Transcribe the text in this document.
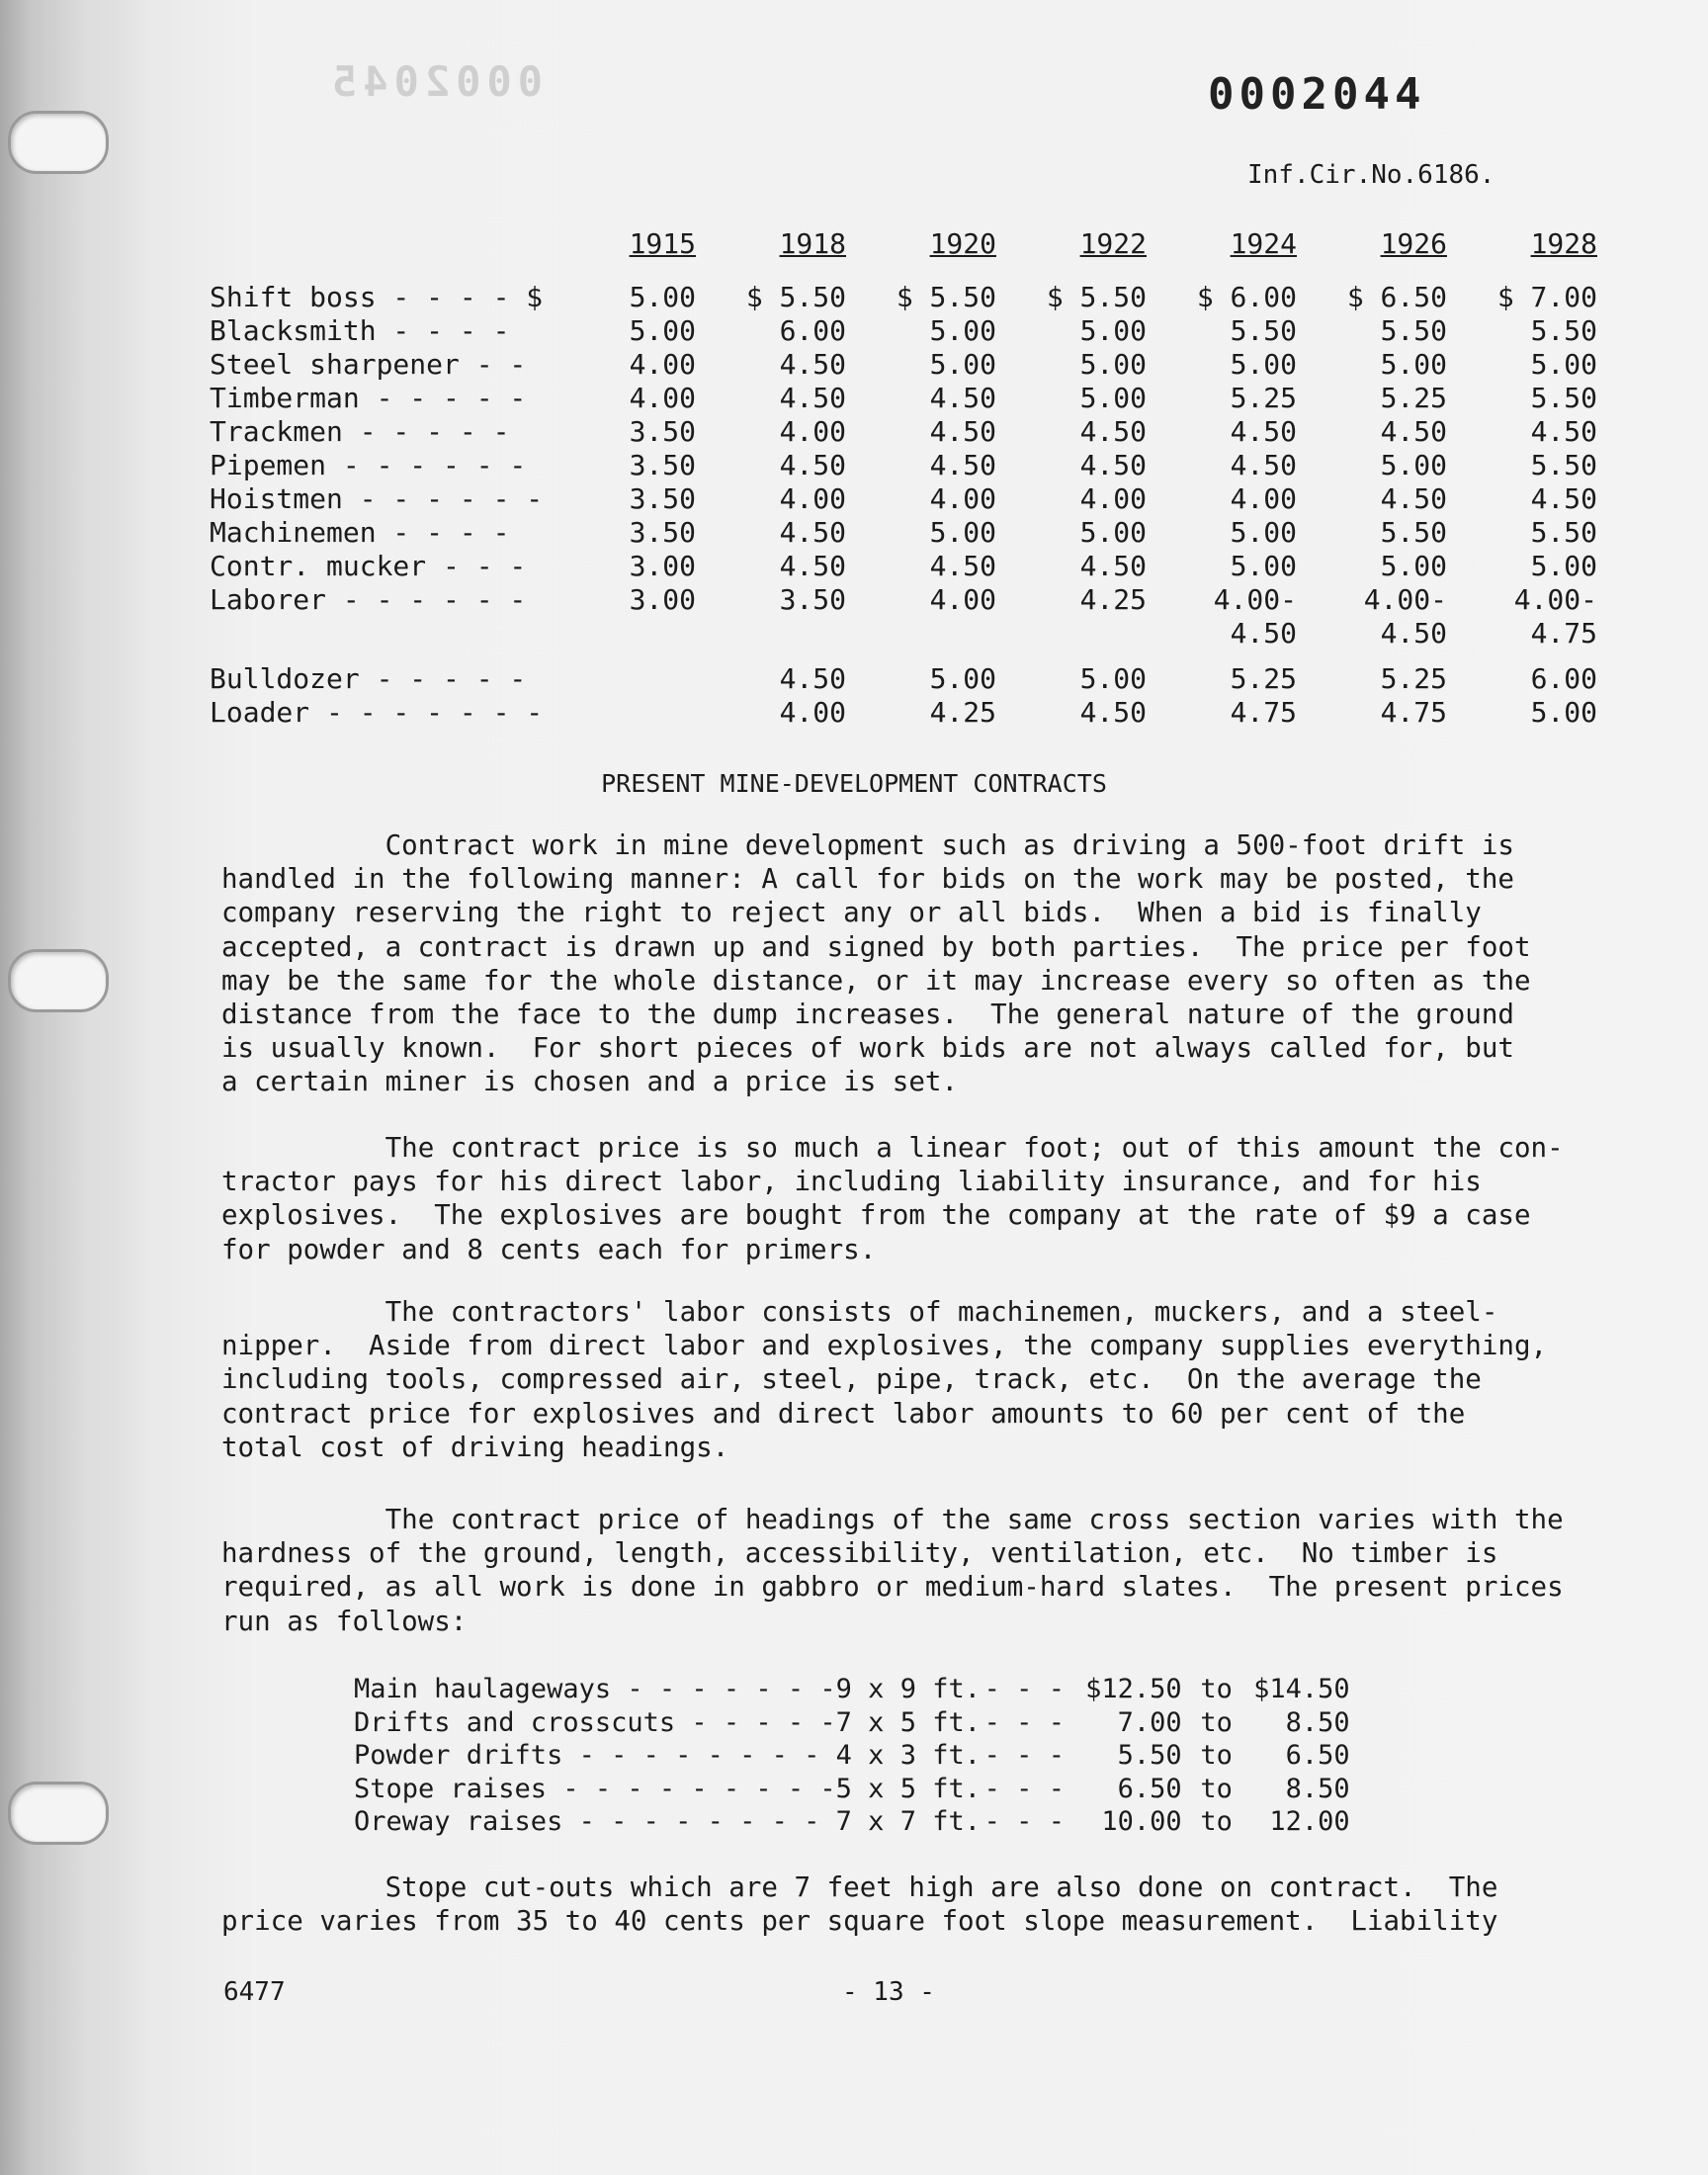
0002045	0002044
Inf.Cir.No.6186.
	1915	1918	1920	1922	1924	1926	1928
Shift boss - - - - $	5.00	$ 5.50	$ 5.50	$ 5.50	$ 6.00	$ 6.50	$ 7.00
Blacksmith - - - -	5.00	6.00	5.00	5.00	5.50	5.50	5.50
Steel sharpener - -	4.00	4.50	5.00	5.00	5.00	5.00	5.00
Timberman - - - - -	4.00	4.50	4.50	5.00	5.25	5.25	5.50
Trackmen - - - - -	3.50	4.00	4.50	4.50	4.50	4.50	4.50
Pipemen - - - - - -	3.50	4.50	4.50	4.50	4.50	5.00	5.50
Hoistmen - - - - - -	3.50	4.00	4.00	4.00	4.00	4.50	4.50
Machinemen - - - -	3.50	4.50	5.00	5.00	5.00	5.50	5.50
Contr. mucker - - -	3.00	4.50	4.50	4.50	5.00	5.00	5.00
Laborer - - - - - -	3.00	3.50	4.00	4.25	4.00-	4.00-	4.00-
					4.50	4.50	4.75

Bulldozer - - - - -		4.50	5.00	5.00	5.25	5.25	6.00
Loader - - - - - - -		4.00	4.25	4.50	4.75	4.75	5.00
PRESENT MINE-DEVELOPMENT CONTRACTS

Contract work in mine development such as driving a 500-foot drift is
handled in the following manner: A call for bids on the work may be posted, the
company reserving the right to reject any or all bids.  When a bid is finally
accepted, a contract is drawn up and signed by both parties.  The price per foot
may be the same for the whole distance, or it may increase every so often as the
distance from the face to the dump increases.  The general nature of the ground
is usually known.  For short pieces of work bids are not always called for, but
a certain miner is chosen and a price is set.

The contract price is so much a linear foot; out of this amount the con-
tractor pays for his direct labor, including liability insurance, and for his
explosives.  The explosives are bought from the company at the rate of $9 a case
for powder and 8 cents each for primers.

The contractors' labor consists of machinemen, muckers, and a steel-
nipper.  Aside from direct labor and explosives, the company supplies everything,
including tools, compressed air, steel, pipe, track, etc.  On the average the
contract price for explosives and direct labor amounts to 60 per cent of the
total cost of driving headings.

The contract price of headings of the same cross section varies with the
hardness of the ground, length, accessibility, ventilation, etc.  No timber is
required, as all work is done in gabbro or medium-hard slates.  The present prices
run as follows:

Main haulageways - - - - - - -	9 x 9 ft.	- - -	$12.50	to	$14.50
Drifts and crosscuts - - - - -	7 x 5 ft.	- - -	7.00	to	8.50
Powder drifts - - - - - - - -	4 x 3 ft.	- - -	5.50	to	6.50
Stope raises - - - - - - - - -	5 x 5 ft.	- - -	6.50	to	8.50
Oreway raises - - - - - - - -	7 x 7 ft.	- - -	10.00	to	12.00

Stope cut-outs which are 7 feet high are also done on contract.  The
price varies from 35 to 40 cents per square foot slope measurement.  Liability

6477	- 13 -
